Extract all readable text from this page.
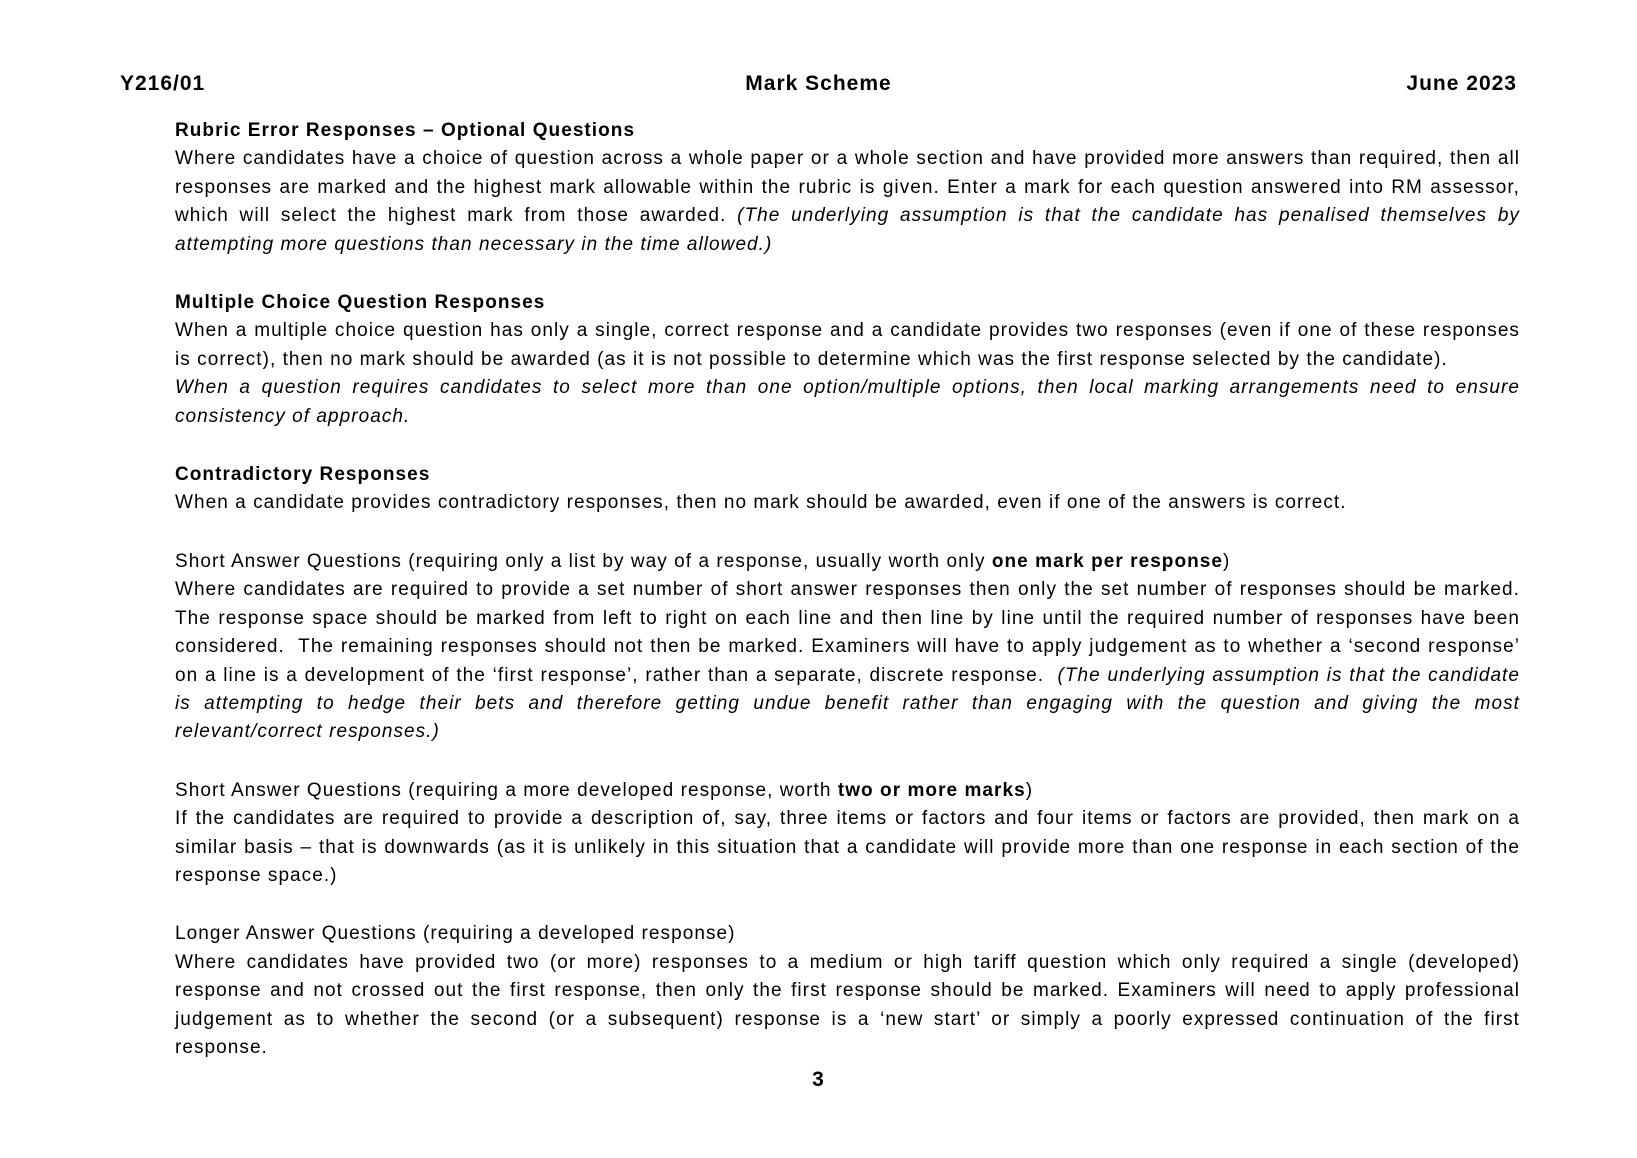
Y216/01	Mark Scheme	June 2023

Rubric Error Responses – Optional Questions

Where candidates have a choice of question across a whole paper or a whole section and have provided more answers than required, then all responses are marked and the highest mark allowable within the rubric is given. Enter a mark for each question answered into RM assessor, which will select the highest mark from those awarded. (The underlying assumption is that the candidate has penalised themselves by attempting more questions than necessary in the time allowed.)

Multiple Choice Question Responses

When a multiple choice question has only a single, correct response and a candidate provides two responses (even if one of these responses is correct), then no mark should be awarded (as it is not possible to determine which was the first response selected by the candidate).

When a question requires candidates to select more than one option/multiple options, then local marking arrangements need to ensure consistency of approach.

Contradictory Responses

When a candidate provides contradictory responses, then no mark should be awarded, even if one of the answers is correct.

Short Answer Questions (requiring only a list by way of a response, usually worth only one mark per response)

Where candidates are required to provide a set number of short answer responses then only the set number of responses should be marked. The response space should be marked from left to right on each line and then line by line until the required number of responses have been considered.  The remaining responses should not then be marked. Examiners will have to apply judgement as to whether a ‘second response’ on a line is a development of the ‘first response’, rather than a separate, discrete response.  (The underlying assumption is that the candidate is attempting to hedge their bets and therefore getting undue benefit rather than engaging with the question and giving the most relevant/correct responses.)

Short Answer Questions (requiring a more developed response, worth two or more marks)

If the candidates are required to provide a description of, say, three items or factors and four items or factors are provided, then mark on a similar basis – that is downwards (as it is unlikely in this situation that a candidate will provide more than one response in each section of the response space.)

Longer Answer Questions (requiring a developed response)

Where candidates have provided two (or more) responses to a medium or high tariff question which only required a single (developed) response and not crossed out the first response, then only the first response should be marked. Examiners will need to apply professional judgement as to whether the second (or a subsequent) response is a ‘new start’ or simply a poorly expressed continuation of the first response.

3
